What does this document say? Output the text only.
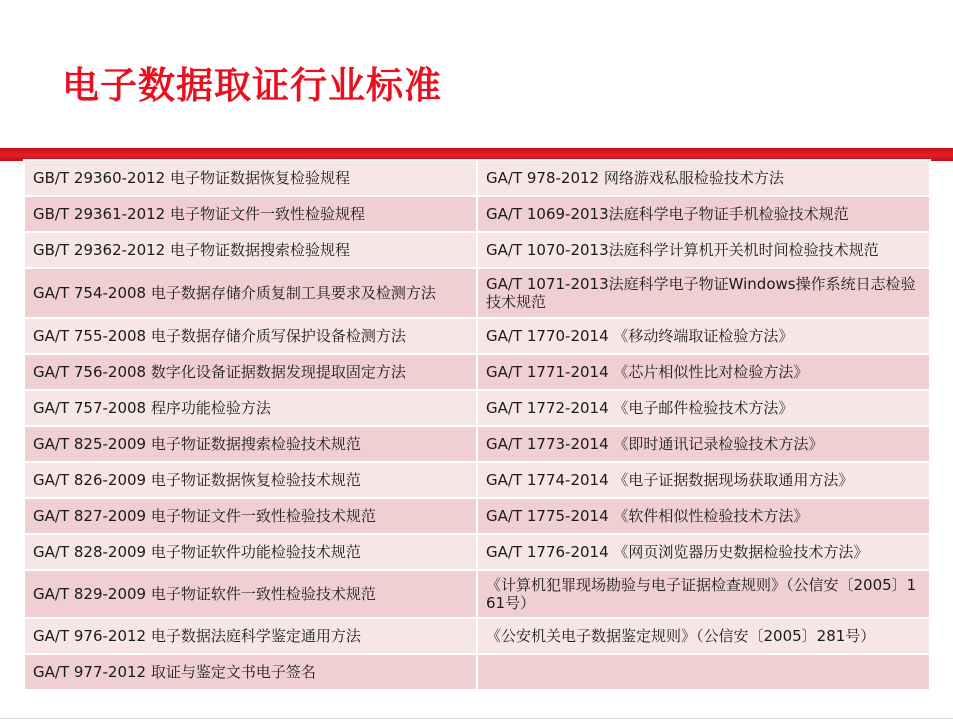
电子数据取证行业标准
GB/T 29360-2012 电子物证数据恢复检验规程	GA/T 978-2012 网络游戏私服检验技术方法
GB/T 29361-2012 电子物证文件一致性检验规程	GA/T 1069-2013法庭科学电子物证手机检验技术规范
GB/T 29362-2012 电子物证数据搜索检验规程	GA/T 1070-2013法庭科学计算机开关机时间检验技术规范
GA/T 754-2008 电子数据存储介质复制工具要求及检测方法	GA/T 1071-2013法庭科学电子物证Windows操作系统日志检验技术规范
GA/T 755-2008 电子数据存储介质写保护设备检测方法	GA/T 1770-2014 《移动终端取证检验方法》
GA/T 756-2008 数字化设备证据数据发现提取固定方法	GA/T 1771-2014 《芯片相似性比对检验方法》
GA/T 757-2008 程序功能检验方法	GA/T 1772-2014 《电子邮件检验技术方法》
GA/T 825-2009 电子物证数据搜索检验技术规范	GA/T 1773-2014 《即时通讯记录检验技术方法》
GA/T 826-2009 电子物证数据恢复检验技术规范	GA/T 1774-2014 《电子证据数据现场获取通用方法》
GA/T 827-2009 电子物证文件一致性检验技术规范	GA/T 1775-2014 《软件相似性检验技术方法》
GA/T 828-2009 电子物证软件功能检验技术规范	GA/T 1776-2014 《网页浏览器历史数据检验技术方法》
GA/T 829-2009 电子物证软件一致性检验技术规范	《计算机犯罪现场勘验与电子证据检查规则》（公信安〔2005〕161号）
GA/T 976-2012 电子数据法庭科学鉴定通用方法	《公安机关电子数据鉴定规则》（公信安〔2005〕281号）
GA/T 977-2012 取证与鉴定文书电子签名	
